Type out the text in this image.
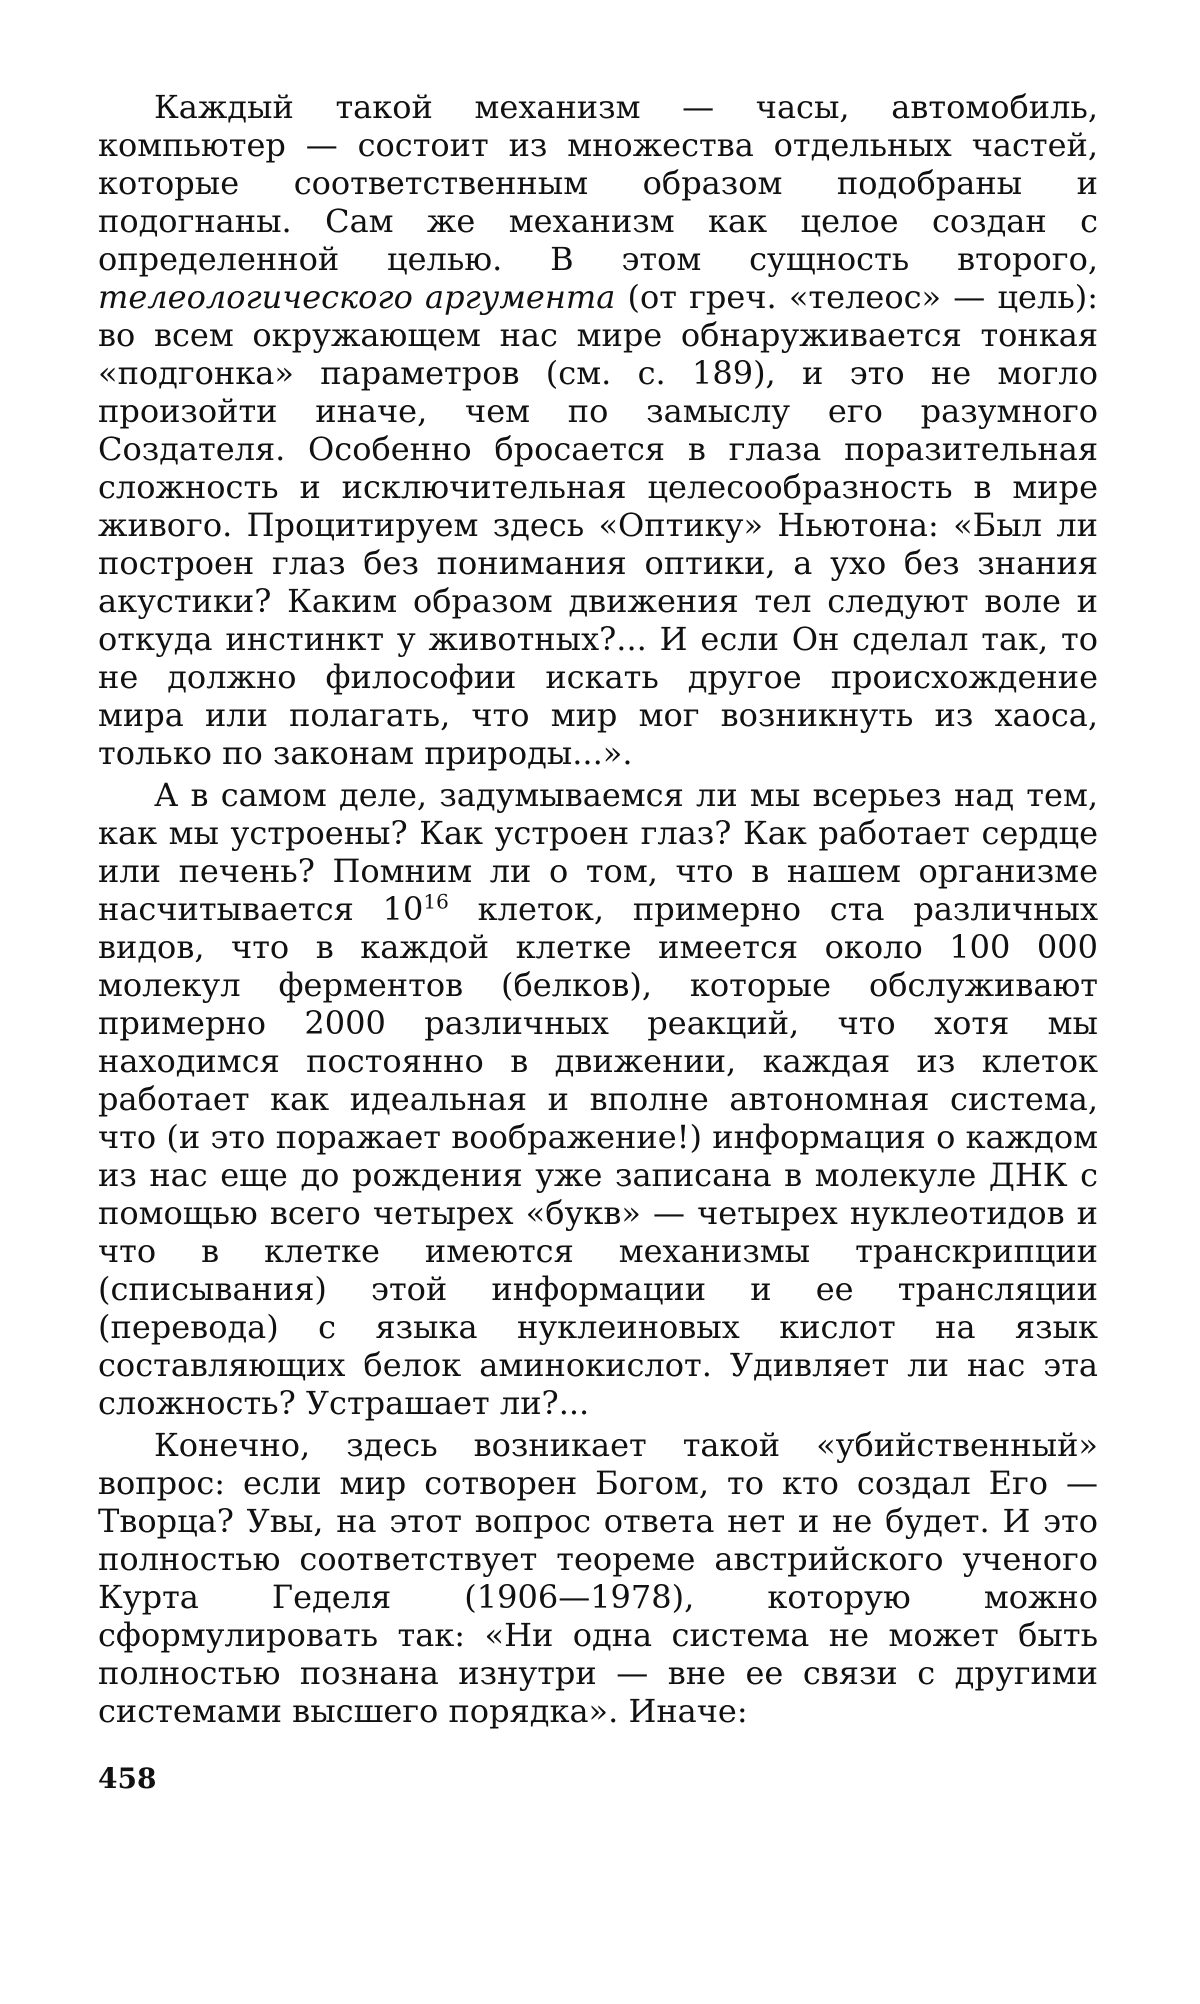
Каждый такой механизм — часы, автомобиль, компьютер — состоит из множества отдельных частей, которые соответственным образом подобраны и подогнаны. Сам же механизм как целое создан с определенной целью. В этом сущность второго, телеологического аргумента (от греч. «телеос» — цель): во всем окружающем нас мире обнаруживается тонкая «подгонка» параметров (см. с. 189), и это не могло произойти иначе, чем по замыслу его разумного Создателя. Особенно бросается в глаза поразительная сложность и исключительная целесообразность в мире живого. Процитируем здесь «Оптику» Ньютона: «Был ли построен глаз без понимания оптики, а ухо без знания акустики? Каким образом движения тел следуют воле и откуда инстинкт у животных?... И если Он сделал так, то не должно философии искать другое происхождение мира или полагать, что мир мог возникнуть из хаоса, только по законам природы...».

А в самом деле, задумываемся ли мы всерьез над тем, как мы устроены? Как устроен глаз? Как работает сердце или печень? Помним ли о том, что в нашем организме насчитывается $10^{16}$ клеток, примерно ста различных видов, что в каждой клетке имеется около 100 000 молекул ферментов (белков), которые обслуживают примерно 2000 различных реакций, что хотя мы находимся постоянно в движении, каждая из клеток работает как идеальная и вполне автономная система, что (и это поражает воображение!) информация о каждом из нас еще до рождения уже записана в молекуле ДНК с помощью всего четырех «букв» — четырех нуклеотидов и что в клетке имеются механизмы транскрипции (списывания) этой информации и ее трансляции (перевода) с языка нуклеиновых кислот на язык составляющих белок аминокислот. Удивляет ли нас эта сложность? Устрашает ли?...

Конечно, здесь возникает такой «убийственный» вопрос: если мир сотворен Богом, то кто создал Его — Творца? Увы, на этот вопрос ответа нет и не будет. И это полностью соответствует теореме австрийского ученого Курта Геделя (1906—1978), которую можно сформулировать так: «Ни одна система не может быть полностью познана изнутри — вне ее связи с другими системами высшего порядка». Иначе:

458
